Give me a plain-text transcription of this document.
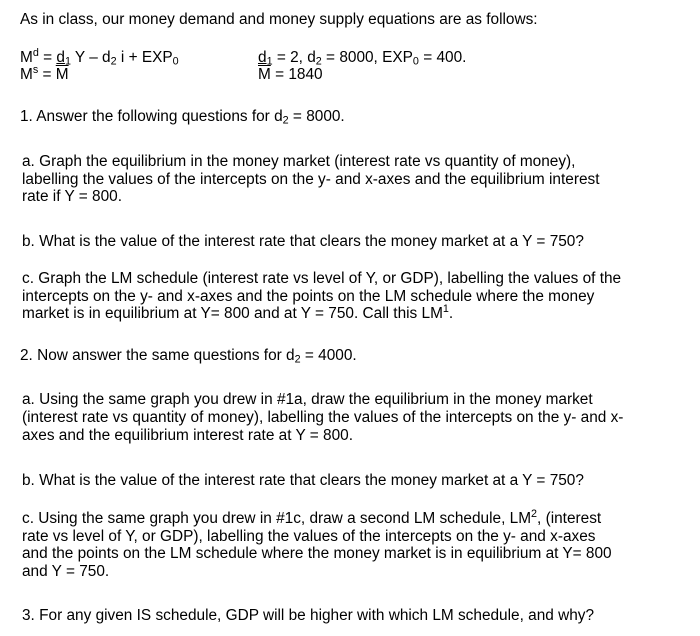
As in class, our money demand and money supply equations are as follows:
$M^d = d_1$ Y – $d_2$ $i + EXP_0$
$M^s = \overline{M}$
$d_1 = 2$, $d_2 = 8000$, $EXP_0 = 400$.
$\overline{M} = 1840$
1. Answer the following questions for $d_2 = 8000$.
a. Graph the equilibrium in the money market (interest rate vs quantity of money),
labelling the values of the intercepts on the y- and x-axes and the equilibrium interest
rate if Y = 800.
b. What is the value of the interest rate that clears the money market at a Y = 750?
c. Graph the LM schedule (interest rate vs level of Y, or GDP), labelling the values of the
intercepts on the y- and x-axes and the points on the LM schedule where the money
market is in equilibrium at Y= 800 and at Y = 750. Call this $LM^1$.
2. Now answer the same questions for $d_2 = 4000$.
a. Using the same graph you drew in #1a, draw the equilibrium in the money market
(interest rate vs quantity of money), labelling the values of the intercepts on the y- and x-
axes and the equilibrium interest rate at Y = 800.
b. What is the value of the interest rate that clears the money market at a Y = 750?
c. Using the same graph you drew in #1c, draw a second LM schedule, $LM^2$, (interest
rate vs level of Y, or GDP), labelling the values of the intercepts on the y- and x-axes
and the points on the LM schedule where the money market is in equilibrium at Y= 800
and Y = 750.
3. For any given IS schedule, GDP will be higher with which LM schedule, and why?
